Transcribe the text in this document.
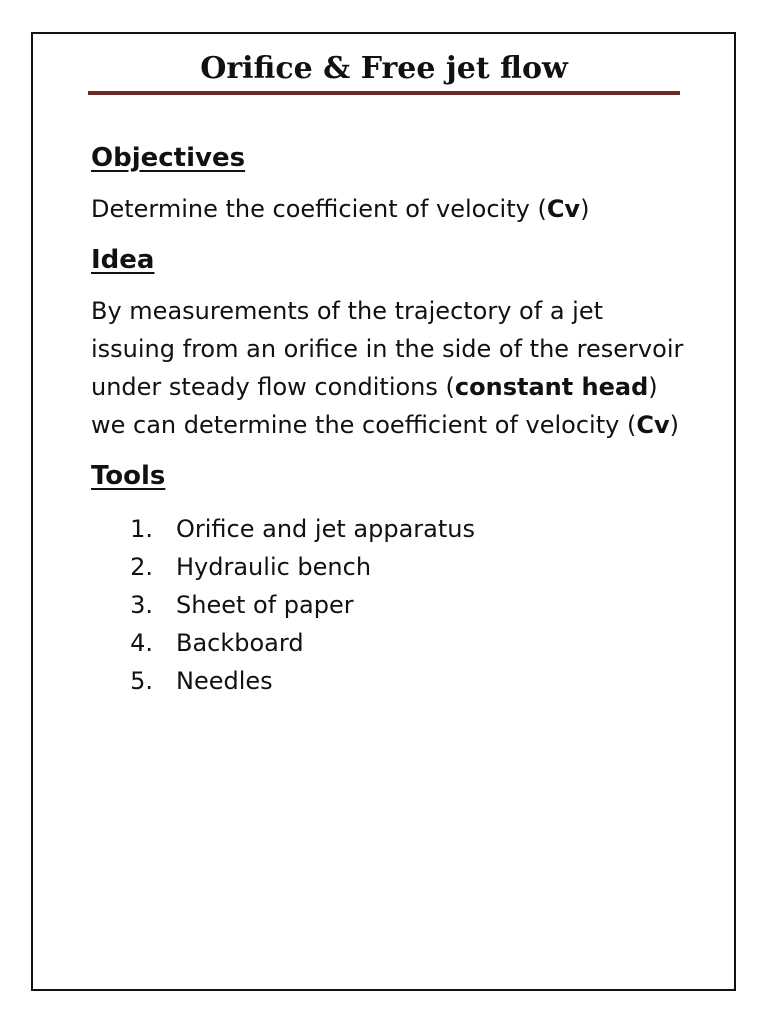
Orifice & Free jet flow
Objectives

Determine the coefficient of velocity (Cv)

Idea

By measurements of the trajectory of a jet issuing from an orifice in the side of the reservoir under steady flow conditions (constant head) we can determine the coefficient of velocity (Cv)

Tools
1. Orifice and jet apparatus
2. Hydraulic bench
3. Sheet of paper
4. Backboard
5. Needles
